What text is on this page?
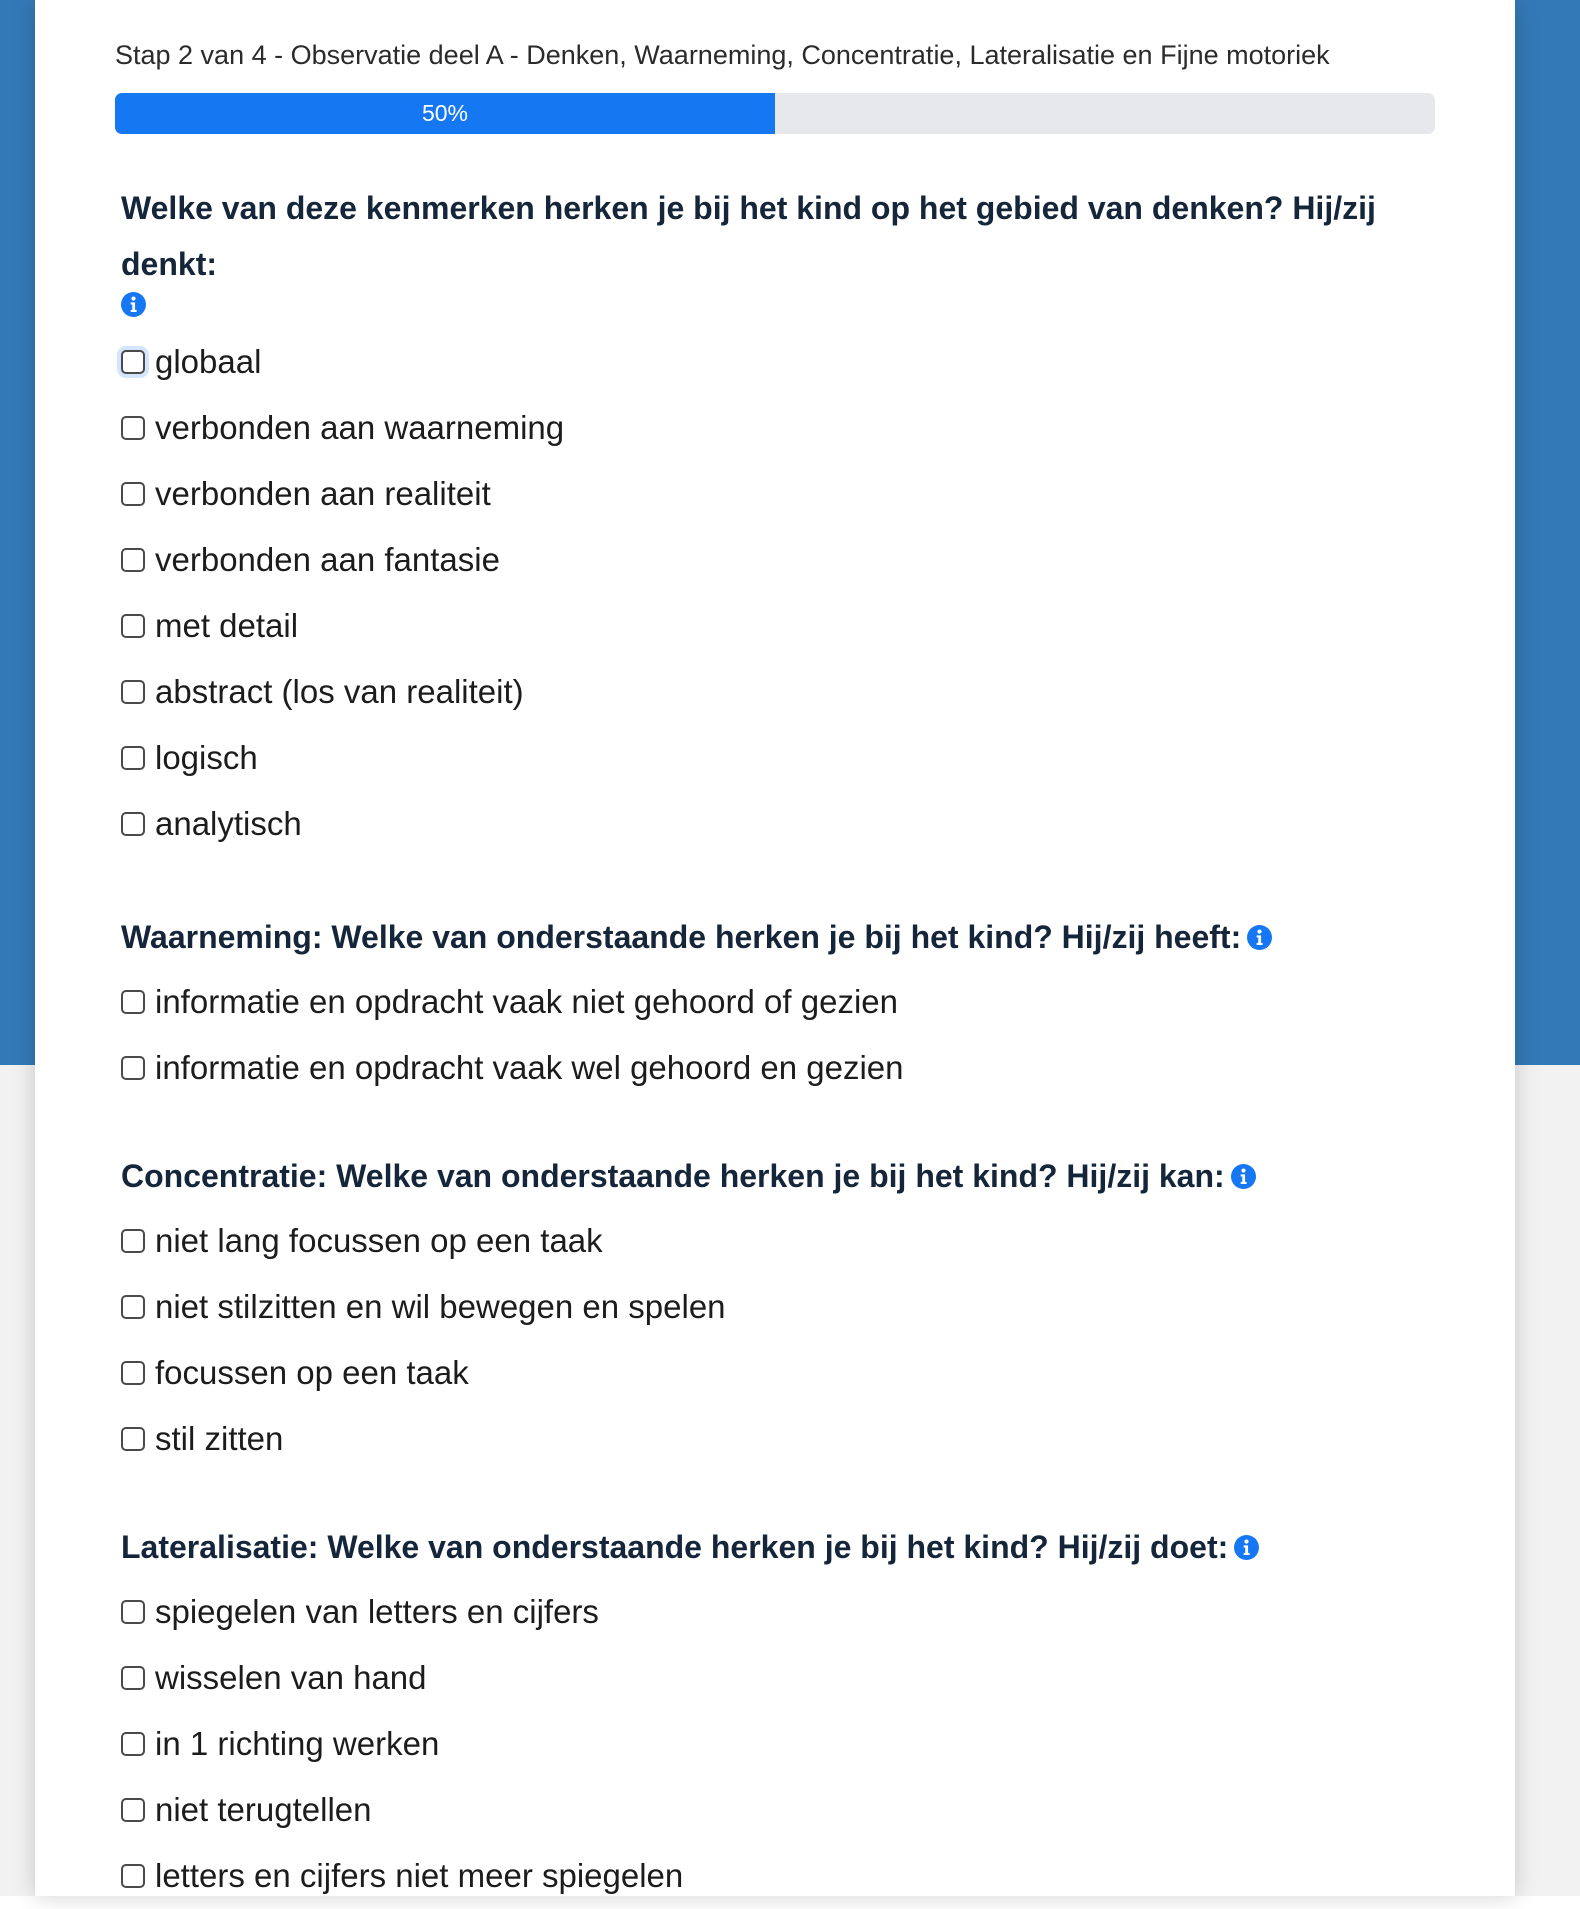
Stap 2 van 4 - Observatie deel A - Denken, Waarneming, Concentratie, Lateralisatie en Fijne motoriek
50%

Welke van deze kenmerken herken je bij het kind op het gebied van denken? Hij/zij denkt:

globaal
verbonden aan waarneming
verbonden aan realiteit
verbonden aan fantasie
met detail
abstract (los van realiteit)
logisch
analytisch

Waarneming: Welke van onderstaande herken je bij het kind? Hij/zij heeft:

informatie en opdracht vaak niet gehoord of gezien
informatie en opdracht vaak wel gehoord en gezien

Concentratie: Welke van onderstaande herken je bij het kind? Hij/zij kan:

niet lang focussen op een taak
niet stilzitten en wil bewegen en spelen
focussen op een taak
stil zitten

Lateralisatie: Welke van onderstaande herken je bij het kind? Hij/zij doet:

spiegelen van letters en cijfers
wisselen van hand
in 1 richting werken
niet terugtellen
letters en cijfers niet meer spiegelen
